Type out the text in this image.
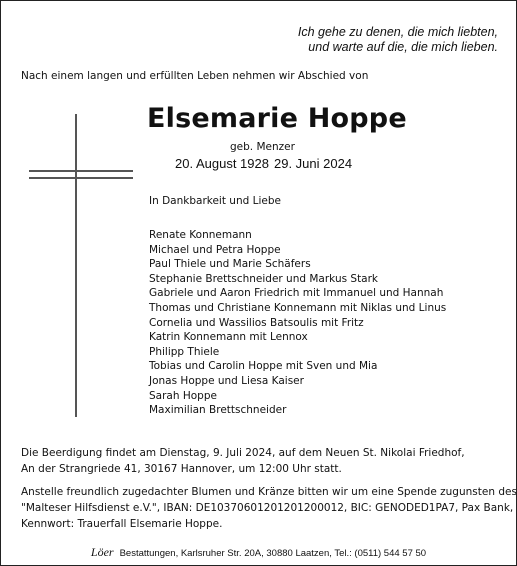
Ich gehe zu denen, die mich liebten,
und warte auf die, die mich lieben.
Nach einem langen und erfüllten Leben nehmen wir Abschied von
Elsemarie Hoppe
geb. Menzer
20. August 1928 29. Juni 2024
In Dankbarkeit und Liebe
Renate Konnemann
Michael und Petra Hoppe
Paul Thiele und Marie Schäfers
Stephanie Brettschneider und Markus Stark
Gabriele und Aaron Friedrich mit Immanuel und Hannah
Thomas und Christiane Konnemann mit Niklas und Linus
Cornelia und Wassilios Batsoulis mit Fritz
Katrin Konnemann mit Lennox
Philipp Thiele
Tobias und Carolin Hoppe mit Sven und Mia
Jonas Hoppe und Liesa Kaiser
Sarah Hoppe
Maximilian Brettschneider
Die Beerdigung findet am Dienstag, 9. Juli 2024, auf dem Neuen St. Nikolai Friedhof,
An der Strangriede 41, 30167 Hannover, um 12:00 Uhr statt.
Anstelle freundlich zugedachter Blumen und Kränze bitten wir um eine Spende zugunsten des
"Malteser Hilfsdienst e.V.", IBAN: DE10370601201201200012, BIC: GENODED1PA7, Pax Bank,
Kennwort: Trauerfall Elsemarie Hoppe.
Löer Bestattungen, Karlsruher Str. 20A, 30880 Laatzen, Tel.: (0511) 544 57 50
